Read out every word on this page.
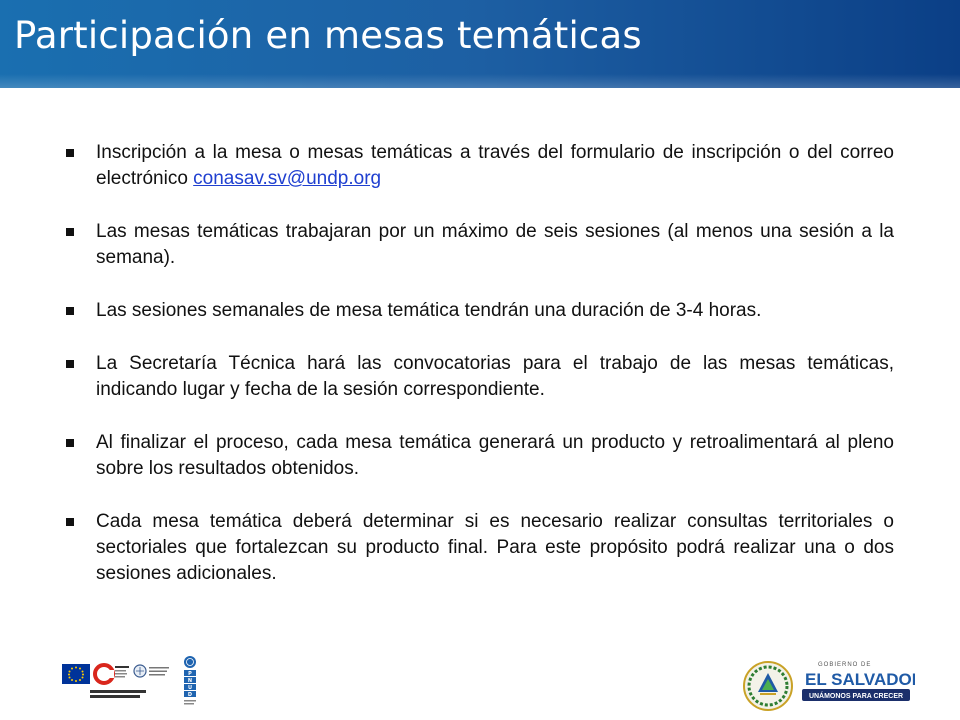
Participación en mesas temáticas
Inscripción a la mesa o mesas temáticas a través del formulario de inscripción o del correo electrónico conasav.sv@undp.org
Las mesas temáticas trabajaran por un máximo de seis sesiones (al menos una sesión a la semana).
Las sesiones semanales de mesa temática tendrán una duración de 3-4 horas.
La Secretaría Técnica hará las convocatorias para el trabajo de las mesas temáticas, indicando lugar y fecha de la sesión correspondiente.
Al finalizar el proceso, cada mesa temática generará un producto y retroalimentará al pleno sobre los resultados obtenidos.
Cada mesa temática deberá determinar si es necesario realizar consultas territoriales o sectoriales que fortalezcan su producto final. Para este propósito podrá realizar una o dos sesiones adicionales.
P
N
U
D
GOBIERNO DE
EL SALVADOR
UNÁMONOS PARA CRECER
